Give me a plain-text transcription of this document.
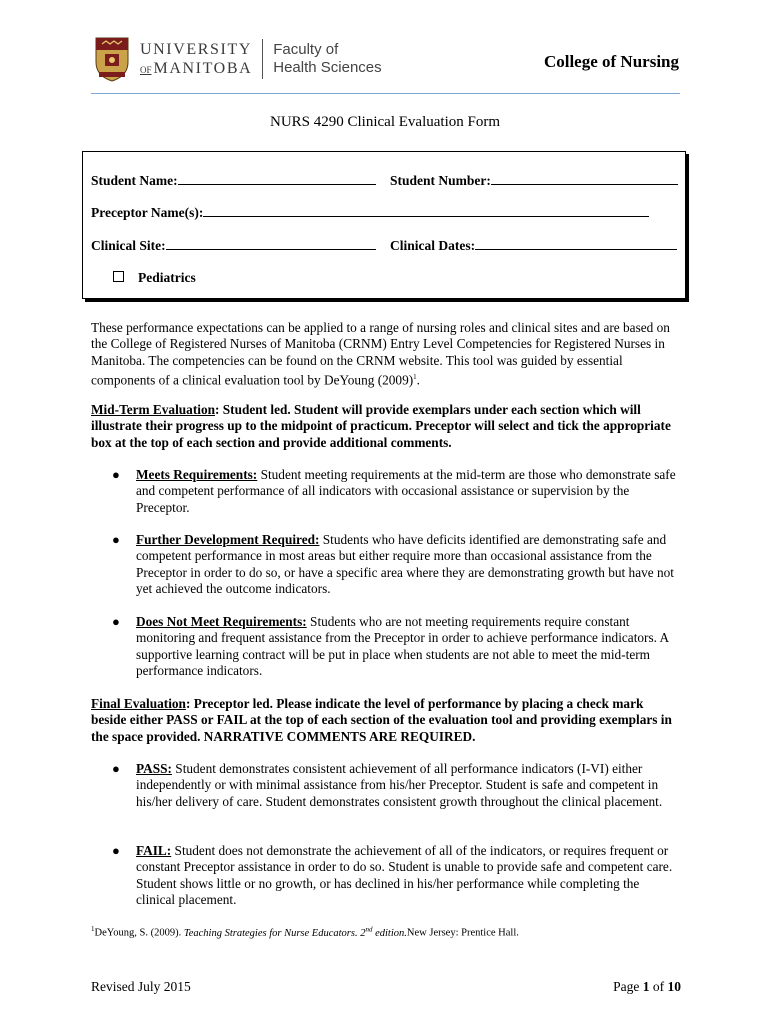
UNIVERSITY
OF MANITOBA
Faculty of
Health Sciences	College of Nursing
NURS 4290 Clinical Evaluation Form
Student Name:	Student Number:
Preceptor Name(s):
Clinical Site:	Clinical Dates:
Pediatrics
These performance expectations can be applied to a range of nursing roles and clinical sites and are based on the College of Registered Nurses of Manitoba (CRNM) Entry Level Competencies for Registered Nurses in Manitoba. The competencies can be found on the CRNM website. This tool was guided by essential components of a clinical evaluation tool by DeYoung $(2009)^1$.
Mid-Term Evaluation: Student led. Student will provide exemplars under each section which will illustrate their progress up to the midpoint of practicum. Preceptor will select and tick the appropriate box at the top of each section and provide additional comments.
● Meets Requirements: Student meeting requirements at the mid-term are those who demonstrate safe and competent performance of all indicators with occasional assistance or supervision by the Preceptor.
● Further Development Required: Students who have deficits identified are demonstrating safe and competent performance in most areas but either require more than occasional assistance from the Preceptor in order to do so, or have a specific area where they are demonstrating growth but have not yet achieved the outcome indicators.
● Does Not Meet Requirements: Students who are not meeting requirements require constant monitoring and frequent assistance from the Preceptor in order to achieve performance indicators. A supportive learning contract will be put in place when students are not able to meet the mid-term performance indicators.
Final Evaluation: Preceptor led. Please indicate the level of performance by placing a check mark beside either PASS or FAIL at the top of each section of the evaluation tool and providing exemplars in the space provided. NARRATIVE COMMENTS ARE REQUIRED.
● PASS: Student demonstrates consistent achievement of all performance indicators (I-VI) either independently or with minimal assistance from his/her Preceptor. Student is safe and competent in his/her delivery of care. Student demonstrates consistent growth throughout the clinical placement.
● FAIL: Student does not demonstrate the achievement of all of the indicators, or requires frequent or constant Preceptor assistance in order to do so. Student is unable to provide safe and competent care. Student shows little or no growth, or has declined in his/her performance while completing the clinical placement.
$^1$DeYoung, S. (2009). Teaching Strategies for Nurse Educators. 2nd edition.New Jersey: Prentice Hall.
Revised July 2015	Page 1 of 10
